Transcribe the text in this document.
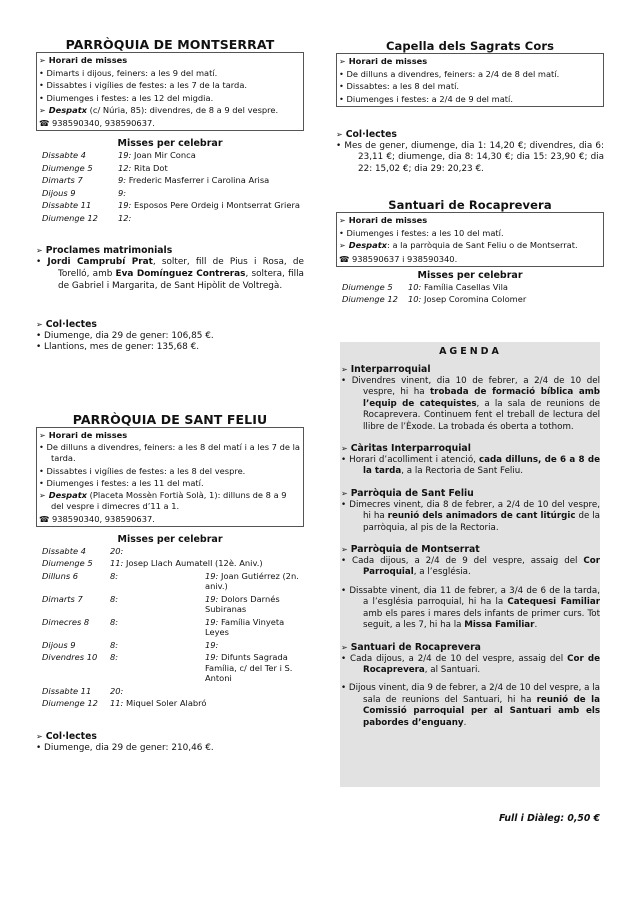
PARRÒQUIA DE MONTSERRAT
➢ Horari de misses
• Dimarts i dijous, feiners: a les 9 del matí.
• Dissabtes i vigílies de festes: a les 7 de la tarda.
• Diumenges i festes: a les 12 del migdia.
➢ Despatx (c/ Núria, 85): divendres, de 8 a 9 del vespre.
☎ 938590340, 938590637.
Misses per celebrar
Dissabte 4	19: Joan Mir Conca
Diumenge 5	12: Rita Dot
Dimarts 7	9: Frederic Masferrer i Carolina Arisa
Dijous 9	9:
Dissabte 11	19: Esposos Pere Ordeig i Montserrat Griera
Diumenge 12	12:
➢ Proclames matrimonials
• Jordi Camprubí Prat, solter, fill de Pius i Rosa, de Torelló, amb Eva Domínguez Contreras, soltera, filla de Gabriel i Margarita, de Sant Hipòlit de Voltregà.
➢ Col·lectes
• Diumenge, dia 29 de gener: 106,85 €.
• Llantions, mes de gener: 135,68 €.
PARRÒQUIA DE SANT FELIU
➢ Horari de misses
• De dilluns a divendres, feiners: a les 8 del matí i a les 7 de la tarda.
• Dissabtes i vigílies de festes: a les 8 del vespre.
• Diumenges i festes: a les 11 del matí.
➢ Despatx (Placeta Mossèn Fortià Solà, 1): dilluns de 8 a 9 del vespre i dimecres d’11 a 1.
☎ 938590340, 938590637.
Misses per celebrar
Dissabte 4	20:	
Diumenge 5	11: Josep Llach Aumatell (12è. Aniv.)	
Dilluns 6	8:	19: Joan Gutiérrez (2n. aniv.)
Dimarts 7	8:	19: Dolors Darnés Subiranas
Dimecres 8	8:	19: Família Vinyeta Leyes
Dijous 9	8:	19:
Divendres 10	8:	19: Difunts Sagrada Família, c/ del Ter i S. Antoni
Dissabte 11	20:	
Diumenge 12	11: Miquel Soler Alabró	
➢ Col·lectes
• Diumenge, dia 29 de gener: 210,46 €.
Capella dels Sagrats Cors
➢ Horari de misses
• De dilluns a divendres, feiners: a 2/4 de 8 del matí.
• Dissabtes: a les 8 del matí.
• Diumenges i festes: a 2/4 de 9 del matí.
➢ Col·lectes
• Mes de gener, diumenge, dia 1: 14,20 €; divendres, dia 6: 23,11 €; diumenge, dia 8: 14,30 €; dia 15: 23,90 €; dia 22: 15,02 €; dia 29: 20,23 €.
Santuari de Rocaprevera
➢ Horari de misses
• Diumenges i festes: a les 10 del matí.
➢ Despatx: a la parròquia de Sant Feliu o de Montserrat.
☎ 938590637 i 938590340.
Misses per celebrar
Diumenge 5	10: Família Casellas Vila
Diumenge 12	10: Josep Coromina Colomer
AGENDA
➢ Interparroquial
• Divendres vinent, dia 10 de febrer, a 2/4 de 10 del vespre, hi ha trobada de formació bíblica amb l’equip de catequistes, a la sala de reunions de Rocaprevera. Continuem fent el treball de lectura del llibre de l’Èxode. La trobada és oberta a tothom.
➢ Càritas Interparroquial
• Horari d’acolliment i atenció, cada dilluns, de 6 a 8 de la tarda, a la Rectoria de Sant Feliu.
➢ Parròquia de Sant Feliu
• Dimecres vinent, dia 8 de febrer, a 2/4 de 10 del vespre, hi ha reunió dels animadors de cant litúrgic de la parròquia, al pis de la Rectoria.
➢ Parròquia de Montserrat
• Cada dijous, a 2/4 de 9 del vespre, assaig del Cor Parroquial, a l’església.
• Dissabte vinent, dia 11 de febrer, a 3/4 de 6 de la tarda, a l’església parroquial, hi ha la Catequesi Familiar amb els pares i mares dels infants de primer curs. Tot seguit, a les 7, hi ha la Missa Familiar.
➢ Santuari de Rocaprevera
• Cada dijous, a 2/4 de 10 del vespre, assaig del Cor de Rocaprevera, al Santuari.
• Dijous vinent, dia 9 de febrer, a 2/4 de 10 del vespre, a la sala de reunions del Santuari, hi ha reunió de la Comissió parroquial per al Santuari amb els pabordes d’enguany.
Full i Diàleg: 0,50 €
